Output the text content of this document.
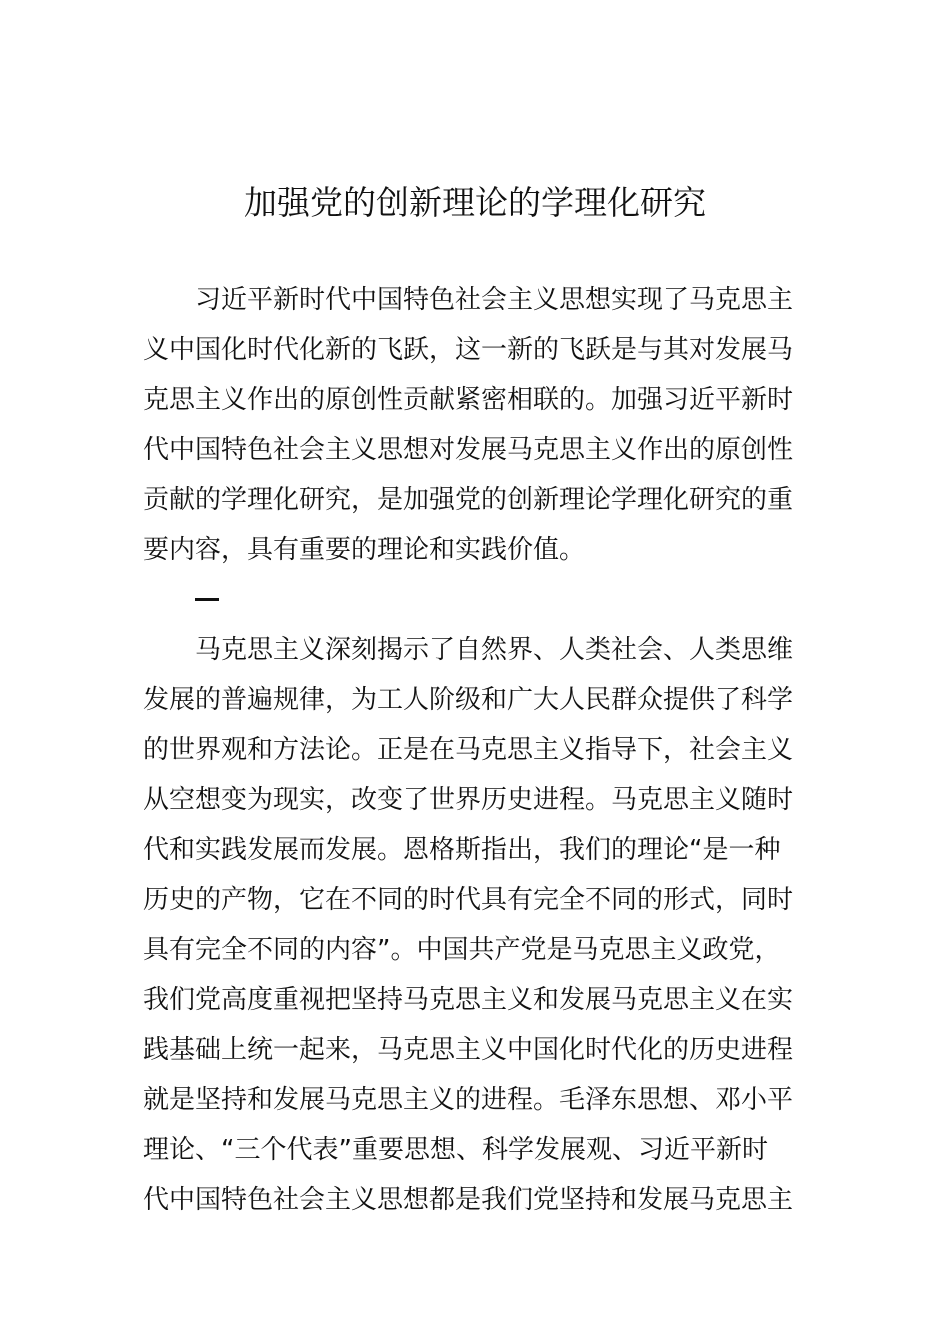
加强党的创新理论的学理化研究
习近平新时代中国特色社会主义思想实现了马克思主
义中国化时代化新的飞跃，这一新的飞跃是与其对发展马
克思主义作出的原创性贡献紧密相联的。加强习近平新时
代中国特色社会主义思想对发展马克思主义作出的原创性
贡献的学理化研究，是加强党的创新理论学理化研究的重
要内容，具有重要的理论和实践价值。
马克思主义深刻揭示了自然界、人类社会、人类思维
发展的普遍规律，为工人阶级和广大人民群众提供了科学
的世界观和方法论。正是在马克思主义指导下，社会主义
从空想变为现实，改变了世界历史进程。马克思主义随时
代和实践发展而发展。恩格斯指出，我们的理论“是一种
历史的产物，它在不同的时代具有完全不同的形式，同时
具有完全不同的内容”。中国共产党是马克思主义政党，
我们党高度重视把坚持马克思主义和发展马克思主义在实
践基础上统一起来，马克思主义中国化时代化的历史进程
就是坚持和发展马克思主义的进程。毛泽东思想、邓小平
理论、“三个代表”重要思想、科学发展观、习近平新时
代中国特色社会主义思想都是我们党坚持和发展马克思主
